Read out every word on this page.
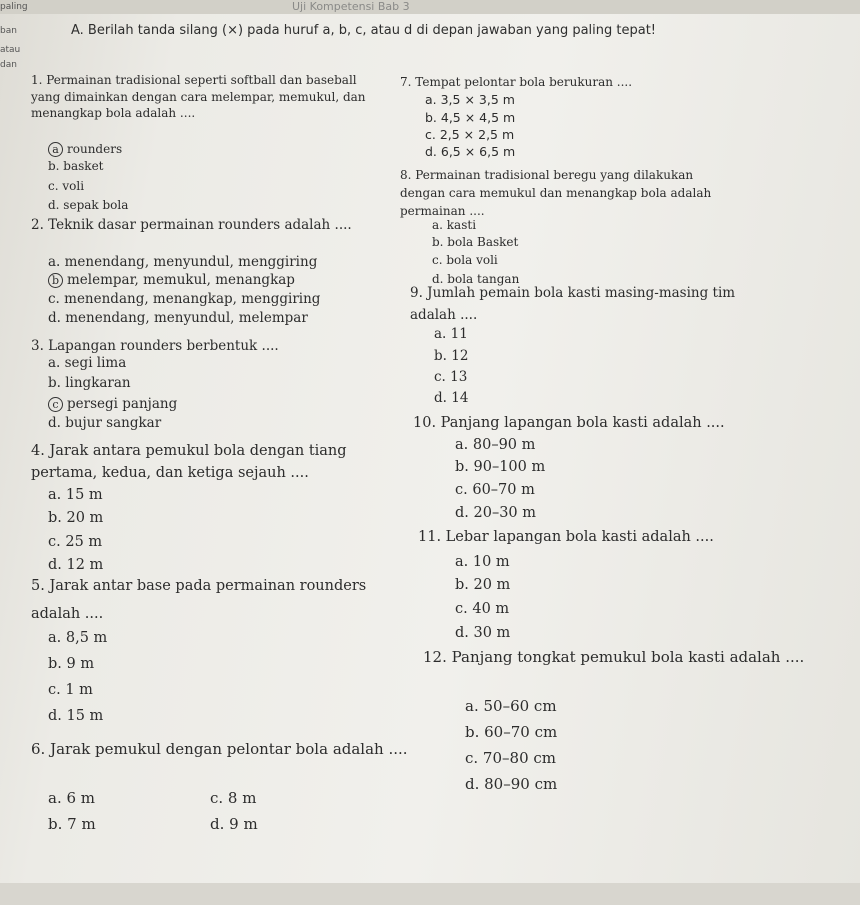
Uji Kompetensi Bab 3
paling
ban
atau
dan
A. Berilah tanda silang (×) pada huruf a, b, c, atau d di depan jawaban yang paling tepat!
1. Permainan tradisional seperti softball dan baseball yang dimainkan dengan cara melempar, memukul, dan menangkap bola adalah ....
a rounders
b. basket
c. voli
d. sepak bola
2. Teknik dasar permainan rounders adalah ....
a. menendang, menyundul, menggiring
b melempar, memukul, menangkap
c. menendang, menangkap, menggiring
d. menendang, menyundul, melempar
3. Lapangan rounders berbentuk ....
a. segi lima
b. lingkaran
c persegi panjang
d. bujur sangkar
4. Jarak antara pemukul bola dengan tiang pertama, kedua, dan ketiga sejauh ....
a. 15 m
b. 20 m
c. 25 m
d. 12 m
5. Jarak antar base pada permainan rounders adalah ....
a. 8,5 m
b. 9 m
c. 1 m
d. 15 m
6. Jarak pemukul dengan pelontar bola adalah ....
a. 6 m
b. 7 m
c. 8 m
d. 9 m
7. Tempat pelontar bola berukuran ....
a. 3,5 × 3,5 m
b. 4,5 × 4,5 m
c. 2,5 × 2,5 m
d. 6,5 × 6,5 m
8. Permainan tradisional beregu yang dilakukan dengan cara memukul dan menangkap bola adalah permainan ....
a. kasti
b. bola Basket
c. bola voli
d. bola tangan
9. Jumlah pemain bola kasti masing-masing tim adalah ....
a. 11
b. 12
c. 13
d. 14
10. Panjang lapangan bola kasti adalah ....
a. 80–90 m
b. 90–100 m
c. 60–70 m
d. 20–30 m
11. Lebar lapangan bola kasti adalah ....
a. 10 m
b. 20 m
c. 40 m
d. 30 m
12. Panjang tongkat pemukul bola kasti adalah ....
a. 50–60 cm
b. 60–70 cm
c. 70–80 cm
d. 80–90 cm
